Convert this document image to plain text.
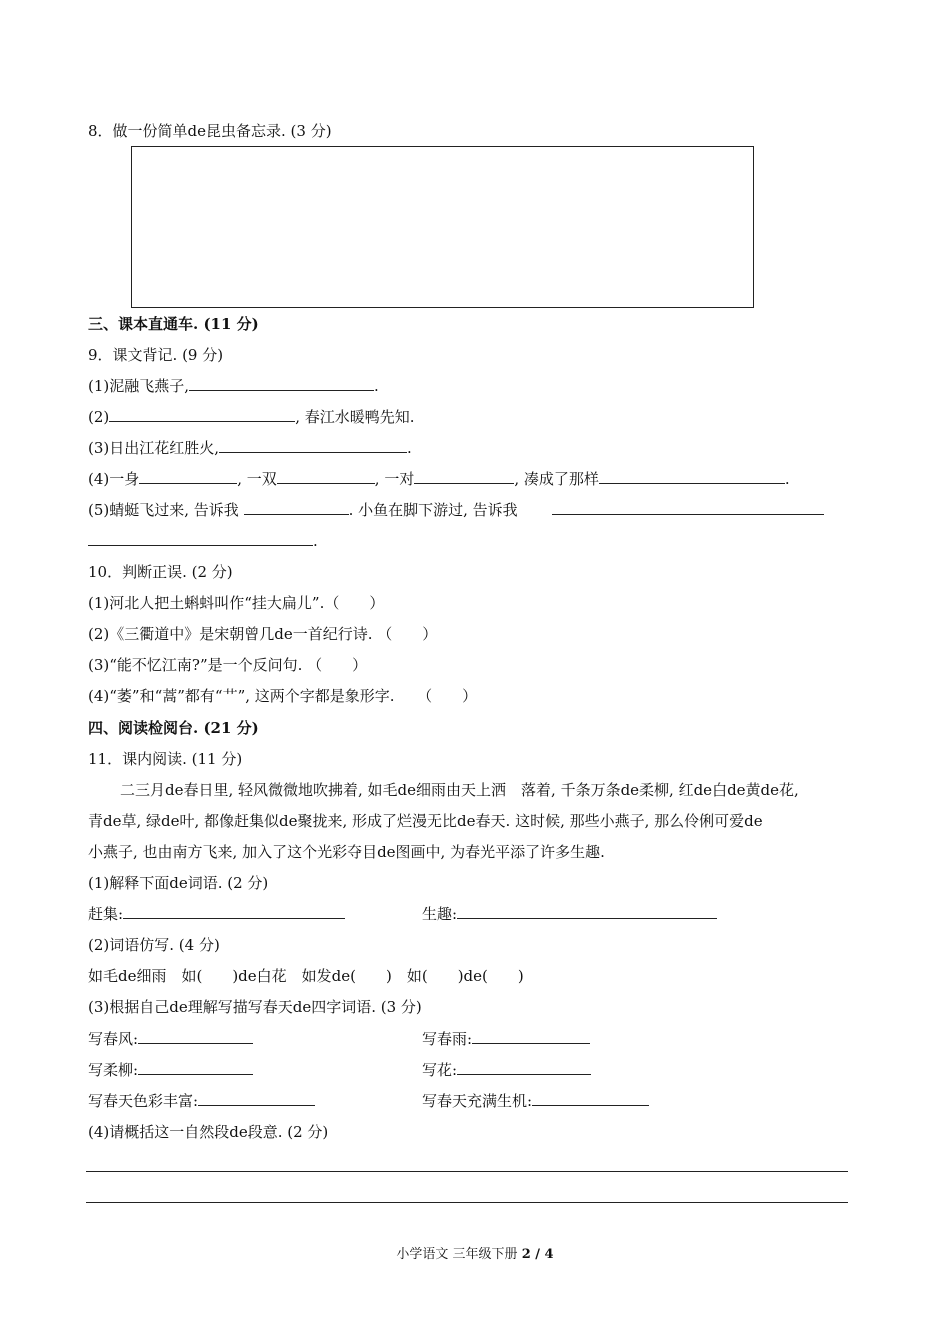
8．做一份简单de昆虫备忘录. (3 分)
三、课本直通车. (11 分)
9．课文背记. (9 分)
(1)泥融飞燕子,	.
(2)	, 春江水暖鸭先知.
(3)日出江花红胜火,	.
(4)一身	, 一双	, 一对	, 凑成了那样	.
(5)蜻蜓飞过来, 告诉我	. 小鱼在脚下游过, 告诉我
.
10．判断正误. (2 分)
(1)河北人把土蝌蚪叫作“挂大扁儿”.（　　）
(2)《三衢道中》是宋朝曾几de一首纪行诗. （　　）
(3)“能不忆江南?”是一个反问句. （　　）
(4)“萎”和“蒿”都有“艹”, 这两个字都是象形字.　　（　　）
四、阅读检阅台. (21 分)
11．课内阅读. (11 分)
二三月de春日里, 轻风微微地吹拂着, 如毛de细雨由天上洒　落着, 千条万条de柔柳, 红de白de黄de花,
青de草, 绿de叶, 都像赶集似de聚拢来, 形成了烂漫无比de春天. 这时候, 那些小燕子, 那么伶俐可爱de
小燕子, 也由南方飞来, 加入了这个光彩夺目de图画中, 为春光平添了许多生趣.
(1)解释下面de词语. (2 分)
赶集:	生趣:
(2)词语仿写. (4 分)
如毛de细雨　如(　　)de白花　如发de(　　)　如(　　)de(　　)
(3)根据自己de理解写描写春天de四字词语. (3 分)
写春风:	写春雨:
写柔柳:	写花:
写春天色彩丰富:	写春天充满生机:
(4)请概括这一自然段de段意. (2 分)
小学语文 三年级下册 2 / 4
